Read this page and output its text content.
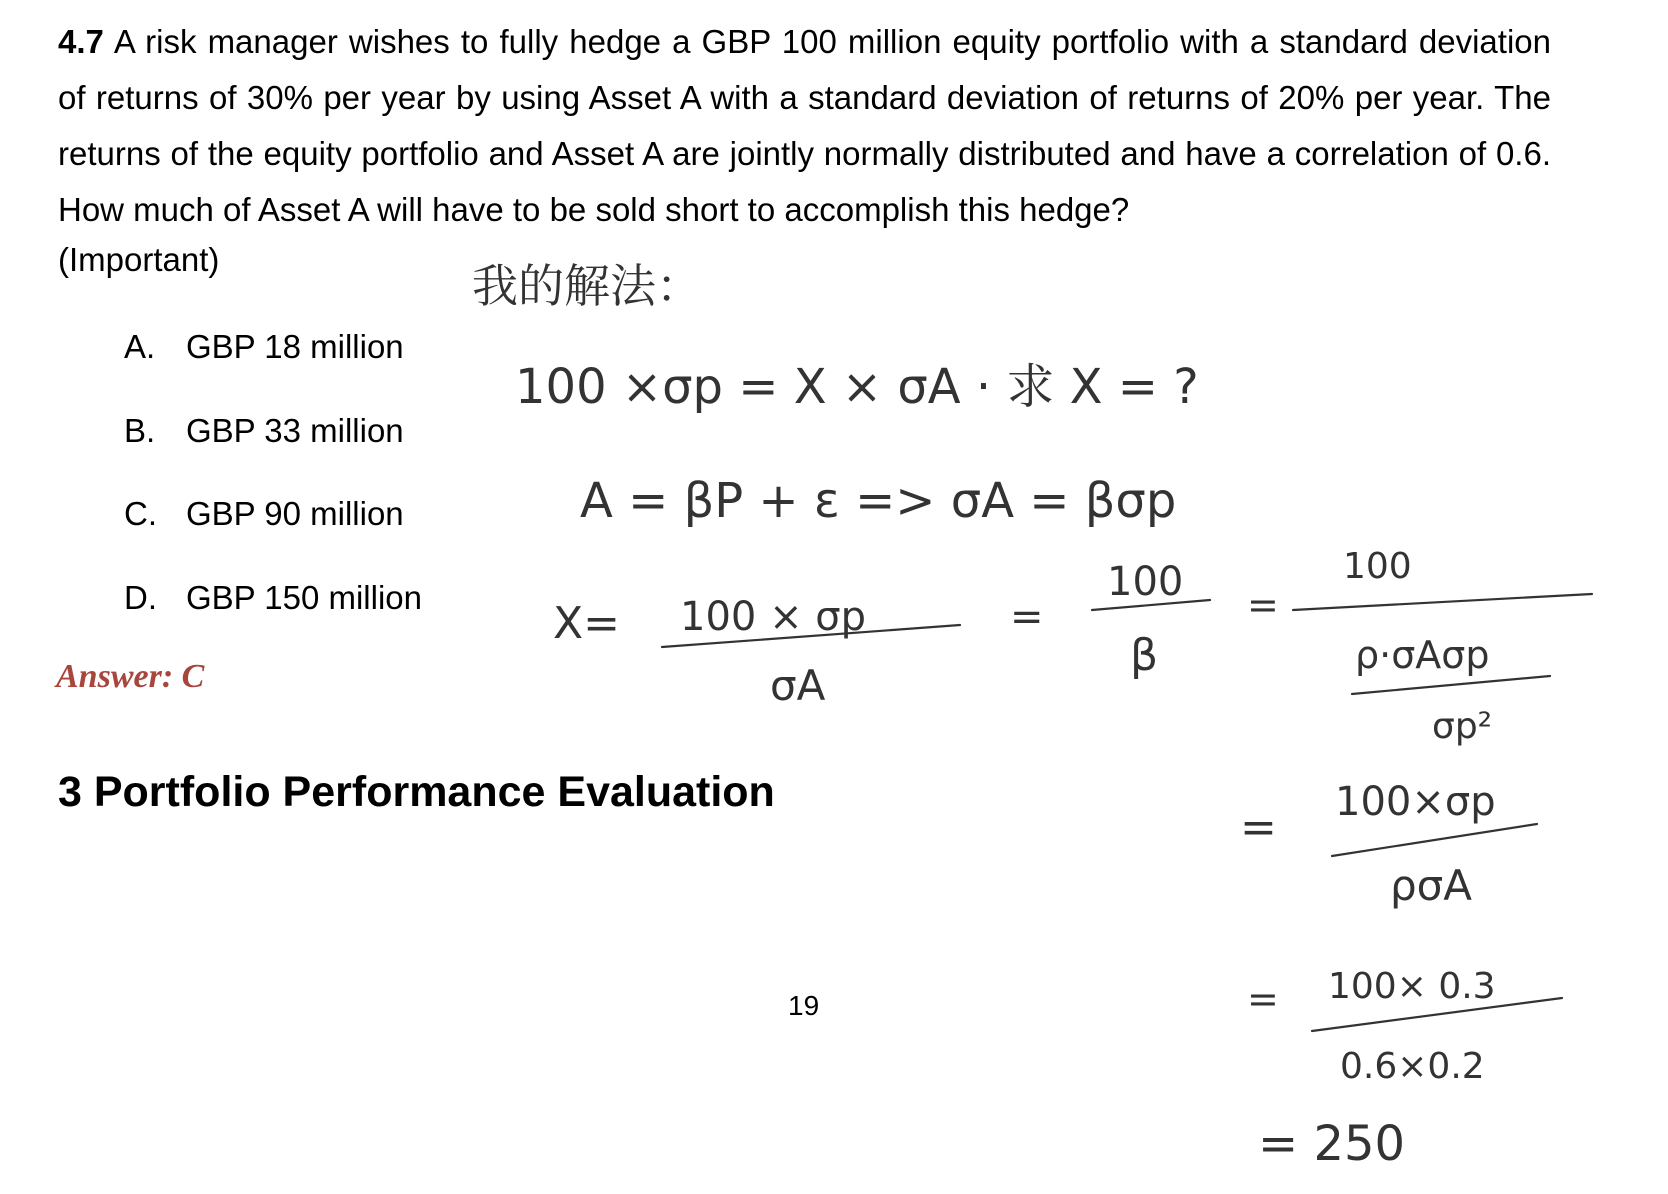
4.7 A risk manager wishes to fully hedge a GBP 100 million equity portfolio with a standard deviation of returns of 30% per year by using Asset A with a standard deviation of returns of 20% per year. The returns of the equity portfolio and Asset A are jointly normally distributed and have a correlation of 0.6. How much of Asset A will have to be sold short to accomplish this hedge?

(Important)
A. GBP 18 million
B. GBP 33 million
C. GBP 90 million
D. GBP 150 million
Answer: C
3 Portfolio Performance Evaluation
19
我的解法：
100 ×σp = X × σA · 求 X = ?
A = βP + ε => σA = βσp
X= 100 × σp
σA
=
100
β
=
100
ρ·σAσp
σp²
= 100×σp
ρσA
= 100× 0.3
0.6×0.2
= 250
